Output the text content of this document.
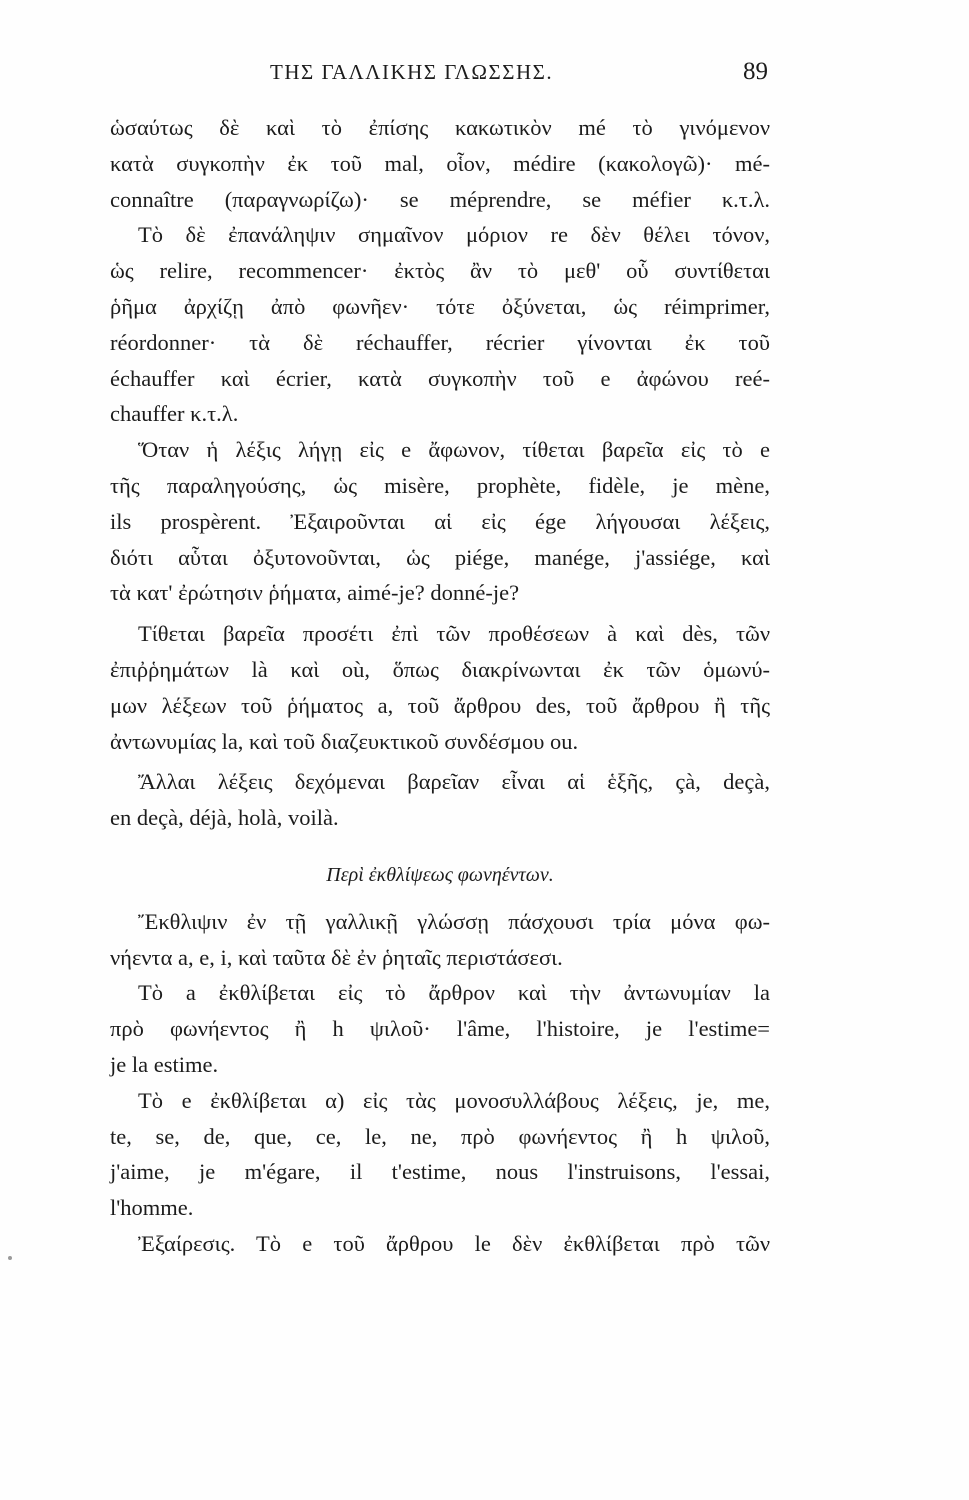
ΤΗΣ ΓΑΛΛΙΚΗΣ ΓΛΩΣΣΗΣ.	89
ὡσαύτως δὲ καὶ τὸ ἐπίσης κακωτικὸν mé τὸ γινόμενον
κατὰ συγκοπὴν ἐκ τοῦ mal, οἷον, médire (κακολογῶ)· mé-
connaître (παραγνωρίζω)· se méprendre, se méfier κ.τ.λ.
Τὸ δὲ ἐπανάληψιν σημαῖνον μόριον re δὲν θέλει τόνον,
ὡς relire, recommencer· ἐκτὸς ἂν τὸ μεθ' οὗ συντίθεται
ῥῆμα ἀρχίζῃ ἀπὸ φωνῆεν· τότε ὀξύνεται, ὡς réimprimer,
réordonner· τὰ δὲ réchauffer, récrier γίνονται ἐκ τοῦ
échauffer καὶ écrier, κατὰ συγκοπὴν τοῦ e ἀφώνου reé-
chauffer κ.τ.λ.
Ὅταν ἡ λέξις λήγῃ εἰς e ἄφωνον, τίθεται βαρεῖα εἰς τὸ e
τῆς παραληγούσης, ὡς misère, prophète, fidèle, je mène,
ils prospèrent. Ἐξαιροῦνται αἱ εἰς ége λήγουσαι λέξεις,
διότι αὗται ὀξυτονοῦνται, ὡς piége, manége, j'assiége, καὶ
τὰ κατ' ἐρώτησιν ῥήματα, aimé-je? donné-je?
Τίθεται βαρεῖα προσέτι ἐπὶ τῶν προθέσεων à καὶ dès, τῶν
ἐπιῤῥημάτων là καὶ où, ὅπως διακρίνωνται ἐκ τῶν ὁμωνύ-
μων λέξεων τοῦ ῥήματος a, τοῦ ἄρθρου des, τοῦ ἄρθρου ἢ τῆς
ἀντωνυμίας la, καὶ τοῦ διαζευκτικοῦ συνδέσμου ou.
Ἄλλαι λέξεις δεχόμεναι βαρεῖαν εἶναι αἱ ἑξῆς, çà, deçà,
en deçà, déjà, holà, voilà.
Περὶ ἐκθλίψεως φωνηέντων.
Ἔκθλιψιν ἐν τῇ γαλλικῇ γλώσσῃ πάσχουσι τρία μόνα φω-
νήεντα a, e, i, καὶ ταῦτα δὲ ἐν ῥηταῖς περιστάσεσι.
Τὸ a ἐκθλίβεται εἰς τὸ ἄρθρον καὶ τὴν ἀντωνυμίαν la
πρὸ φωνήεντος ἢ h ψιλοῦ· l'âme, l'histoire, je l'estime=
je la estime.
Τὸ e ἐκθλίβεται α) εἰς τὰς μονοσυλλάβους λέξεις, je, me,
te, se, de, que, ce, le, ne, πρὸ φωνήεντος ἢ h ψιλοῦ,
j'aime, je m'égare, il t'estime, nous l'instruisons, l'essai,
l'homme.
Ἐξαίρεσις. Τὸ e τοῦ ἄρθρου le δὲν ἐκθλίβεται πρὸ τῶν
